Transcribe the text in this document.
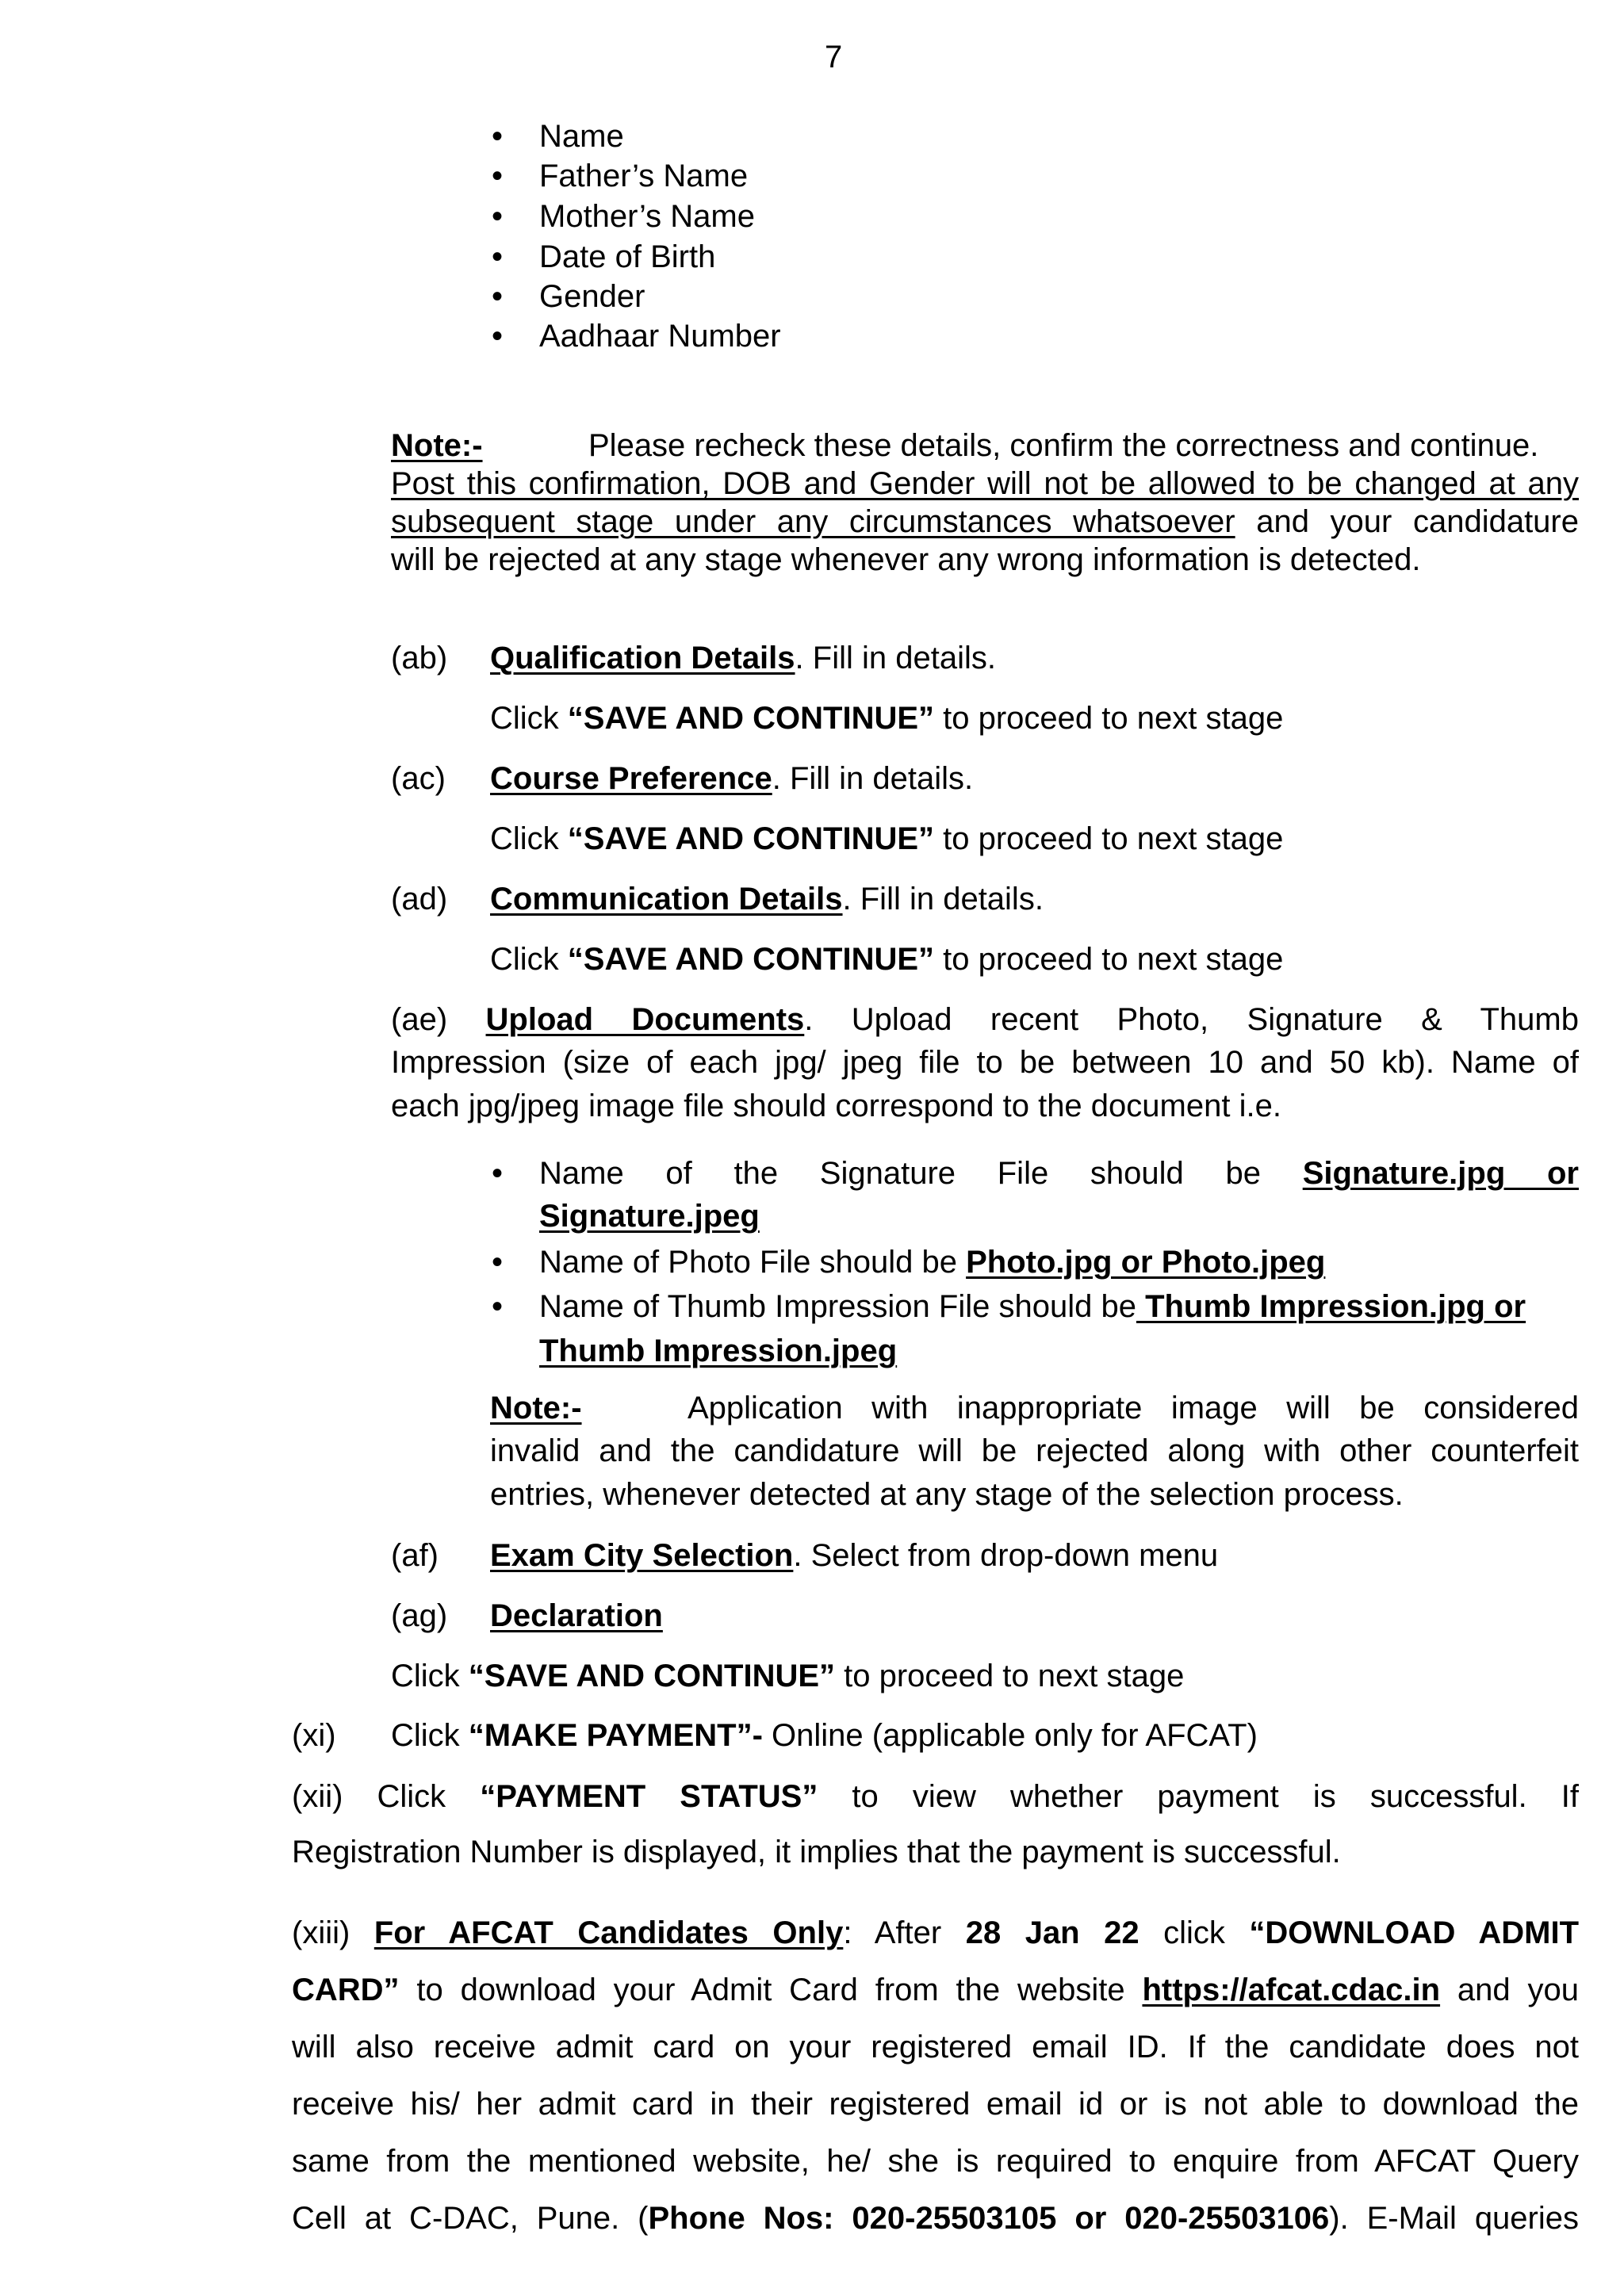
7
• Name
• Father’s Name
• Mother’s Name
• Date of Birth
• Gender
• Aadhaar Number
Note:-	Please recheck these details, confirm the correctness and continue.
Post this confirmation, DOB and Gender will not be allowed to be changed at any
subsequent stage under any circumstances whatsoever and your candidature
will be rejected at any stage whenever any wrong information is detected.
(ab) Qualification Details. Fill in details.
Click “SAVE AND CONTINUE” to proceed to next stage
(ac) Course Preference. Fill in details.
Click “SAVE AND CONTINUE” to proceed to next stage
(ad) Communication Details. Fill in details.
Click “SAVE AND CONTINUE” to proceed to next stage
(ae) Upload Documents. Upload recent Photo, Signature & Thumb
Impression (size of each jpg/ jpeg file to be between 10 and 50 kb). Name of
each jpg/jpeg image file should correspond to the document i.e.
• Name of the Signature File should be Signature.jpg or
Signature.jpeg
• Name of Photo File should be Photo.jpg or Photo.jpeg
• Name of Thumb Impression File should be Thumb Impression.jpg or
Thumb Impression.jpeg
Note:-	Application with inappropriate image will be considered
invalid and the candidature will be rejected along with other counterfeit
entries, whenever detected at any stage of the selection process.
(af) Exam City Selection. Select from drop-down menu
(ag) Declaration
Click “SAVE AND CONTINUE” to proceed to next stage
(xi) Click “MAKE PAYMENT”- Online (applicable only for AFCAT)
(xii) Click “PAYMENT STATUS” to view whether payment is successful. If
Registration Number is displayed, it implies that the payment is successful.
(xiii) For AFCAT Candidates Only: After 28 Jan 22 click “DOWNLOAD ADMIT
CARD” to download your Admit Card from the website https://afcat.cdac.in and you
will also receive admit card on your registered email ID. If the candidate does not
receive his/ her admit card in their registered email id or is not able to download the
same from the mentioned website, he/ she is required to enquire from AFCAT Query
Cell at C-DAC, Pune. (Phone Nos: 020-25503105 or 020-25503106). E-Mail queries
